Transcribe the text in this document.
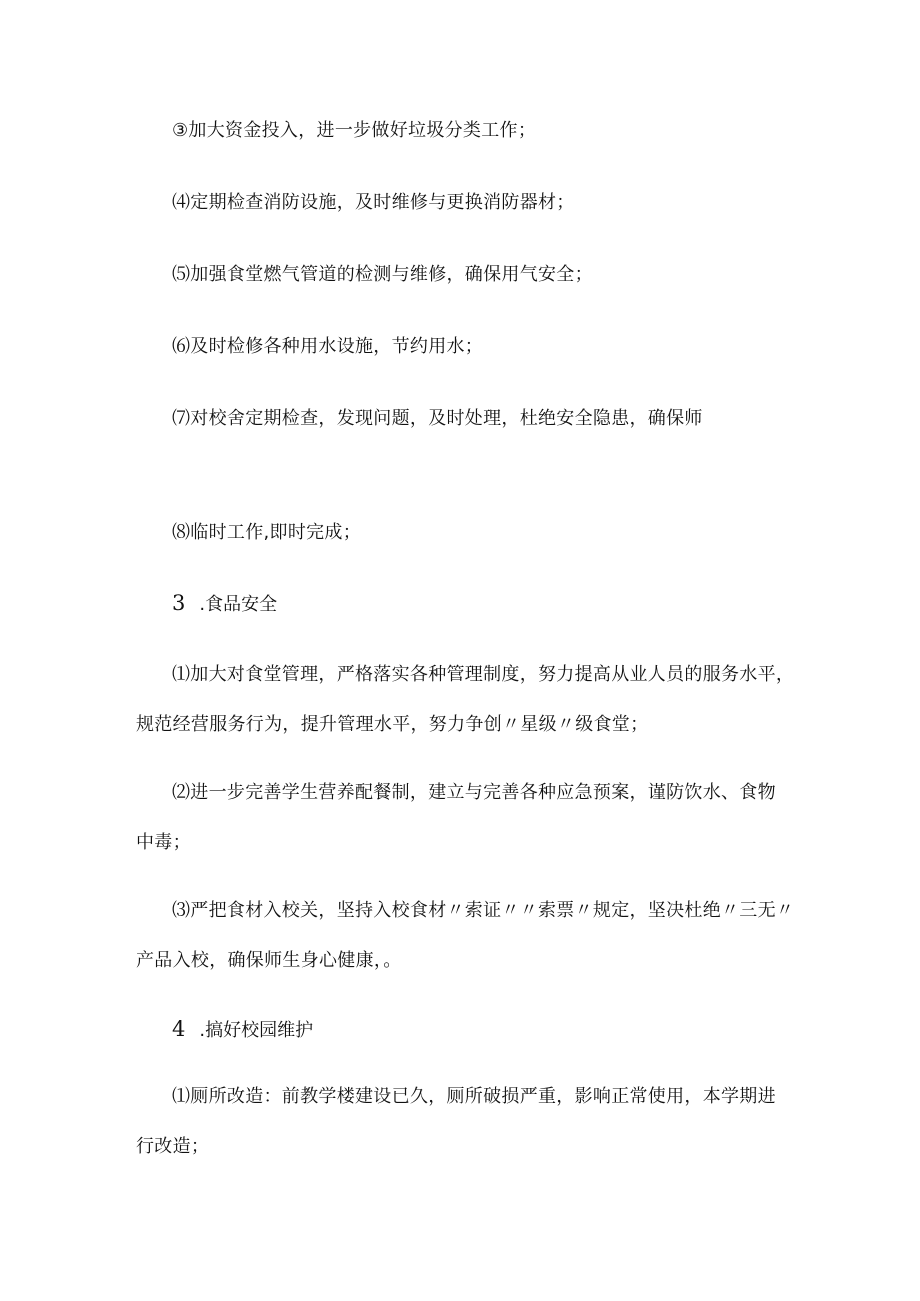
③加大资金投入，进一步做好垃圾分类工作；
⑷定期检查消防设施，及时维修与更换消防器材；
⑸加强食堂燃气管道的检测与维修，确保用气安全；
⑹及时检修各种用水设施，节约用水；
⑺对校舍定期检查，发现问题，及时处理，杜绝安全隐患，确保师
⑻临时工作,即时完成；
3 .食品安全
⑴加大对食堂管理，严格落实各种管理制度，努力提高从业人员的服务水平，
规范经营服务行为，提升管理水平，努力争创〃星级〃级食堂；
⑵进一步完善学生营养配餐制，建立与完善各种应急预案，谨防饮水、食物
中毒；
⑶严把食材入校关，坚持入校食材〃索证〃〃索票〃规定，坚决杜绝〃三无〃
产品入校，确保师生身心健康，。
4 .搞好校园维护
⑴厕所改造：前教学楼建设已久，厕所破损严重，影响正常使用，本学期进
行改造；
